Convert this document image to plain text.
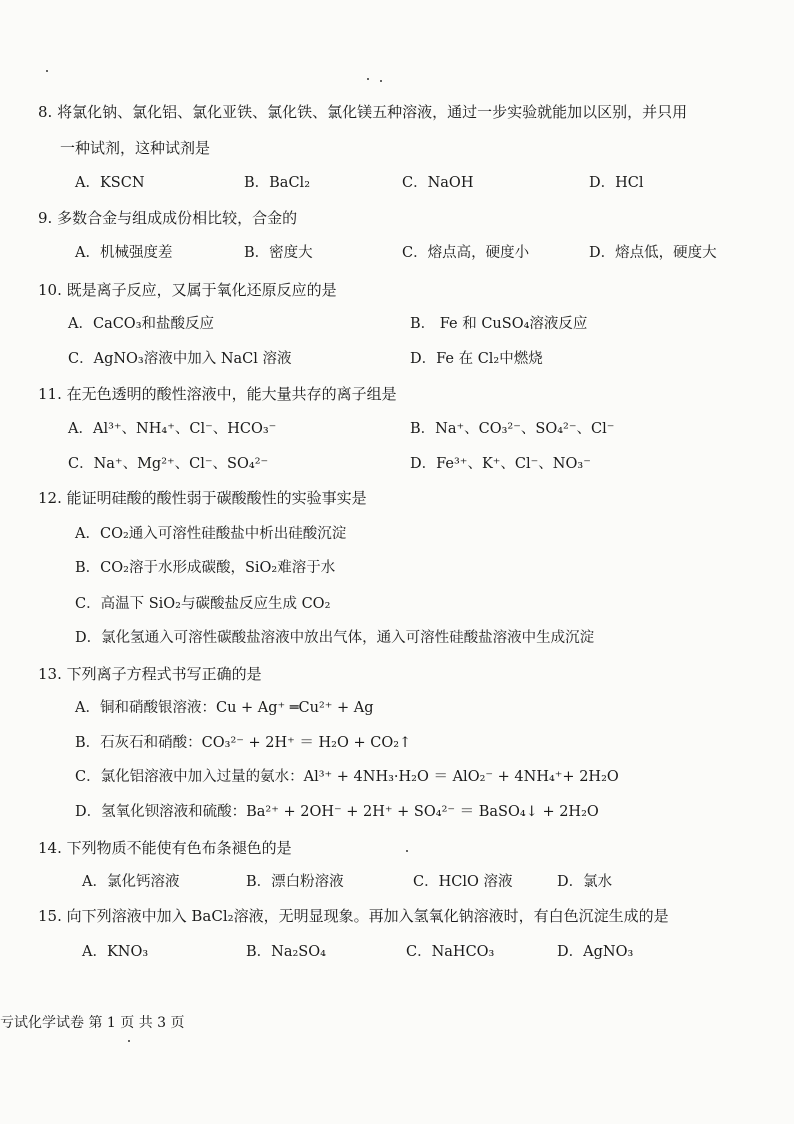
8. 将氯化钠、氯化铝、氯化亚铁、氯化铁、氯化镁五种溶液，通过一步实验就能加以区别，并只用
一种试剂，这种试剂是
A．KSCN	B．BaCl₂	C．NaOH	D．HCl
9. 多数合金与组成成份相比较，合金的
A．机械强度差	B．密度大	C．熔点高，硬度小	D．熔点低，硬度大
10. 既是离子反应，又属于氧化还原反应的是
A．CaCO₃和盐酸反应	B． Fe 和 CuSO₄溶液反应
C．AgNO₃溶液中加入 NaCl 溶液	D．Fe 在 Cl₂中燃烧
11. 在无色透明的酸性溶液中，能大量共存的离子组是
A．Al³⁺、NH₄⁺、Cl⁻、HCO₃⁻	B．Na⁺、CO₃²⁻、SO₄²⁻、Cl⁻
C．Na⁺、Mg²⁺、Cl⁻、SO₄²⁻	D．Fe³⁺、K⁺、Cl⁻、NO₃⁻
12. 能证明硅酸的酸性弱于碳酸酸性的实验事实是
A．CO₂通入可溶性硅酸盐中析出硅酸沉淀
B．CO₂溶于水形成碳酸，SiO₂难溶于水
C．高温下 SiO₂与碳酸盐反应生成 CO₂
D．氯化氢通入可溶性碳酸盐溶液中放出气体，通入可溶性硅酸盐溶液中生成沉淀
13. 下列离子方程式书写正确的是
A．铜和硝酸银溶液：Cu + Ag⁺ ═Cu²⁺ + Ag
B．石灰石和硝酸：CO₃²⁻ + 2H⁺ ＝ H₂O + CO₂↑
C．氯化铝溶液中加入过量的氨水：Al³⁺ + 4NH₃·H₂O ＝ AlO₂⁻ + 4NH₄⁺+ 2H₂O
D．氢氧化钡溶液和硫酸：Ba²⁺ + 2OH⁻ + 2H⁺ + SO₄²⁻ ＝ BaSO₄↓ + 2H₂O
14. 下列物质不能使有色布条褪色的是
A．氯化钙溶液	B．漂白粉溶液	C．HClO 溶液	D．氯水
15. 向下列溶液中加入 BaCl₂溶液，无明显现象。再加入氢氧化钠溶液时，有白色沉淀生成的是
A．KNO₃	B．Na₂SO₄	C．NaHCO₃	D．AgNO₃
亏试化学试卷 第 1 页 共 3 页
